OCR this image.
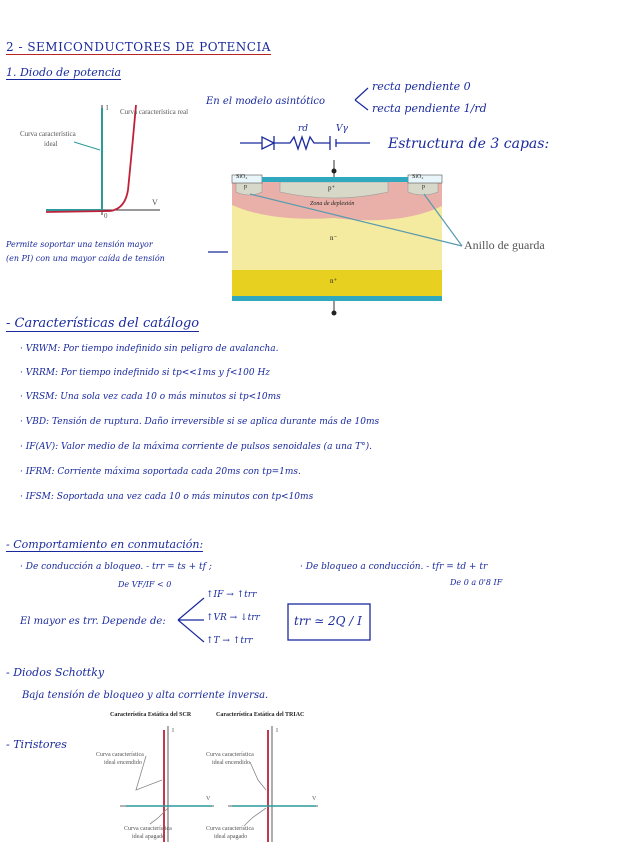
2 - SEMICONDUCTORES DE POTENCIA
1. Diodo de potencia
Curva característica real
Curva característica
ideal
I
V
0
En el modelo asintótico
recta pendiente 0
recta pendiente 1/rd
rd	Vγ
Estructura de 3 capas:
SiO₂	SiO₂
p	p⁺	p
Zona de deplexión
n⁻
n⁺
Anillo de guarda
Permite soportar una tensión mayor
(en PI) con una mayor caída de tensión
- Características del catálogo
· VRWM: Por tiempo indefinido sin peligro de avalancha.
· VRRM: Por tiempo indefinido si tp<<1ms y f<100 Hz
· VRSM: Una sola vez cada 10 o más minutos si tp<10ms
· VBD: Tensión de ruptura. Daño irreversible si se aplica durante más de 10ms
· IF(AV): Valor medio de la máxima corriente de pulsos senoidales (a una T°).
· IFRM: Corriente máxima soportada cada 20ms con tp=1ms.
· IFSM: Soportada una vez cada 10 o más minutos con tp<10ms
- Comportamiento en conmutación:
· De conducción a bloqueo. - trr = ts + tf ;
De VF/IF < 0
· De bloqueo a conducción. - tfr = td + tr
De 0 a 0'8 IF
El mayor es trr. Depende de:
↑IF → ↑trr
↑VR → ↓trr
↑T → ↑trr
trr ≃ 2Q / I
- Diodos Schottky
Baja tensión de bloqueo y alta corriente inversa.
- Tiristores
Característica Estática del SCR	Característica Estática del TRIAC
I
V
I
V
Curva característica
ideal encendido
Curva característica
ideal apagado
Curva característica
ideal encendido
Curva característica
ideal apagado
